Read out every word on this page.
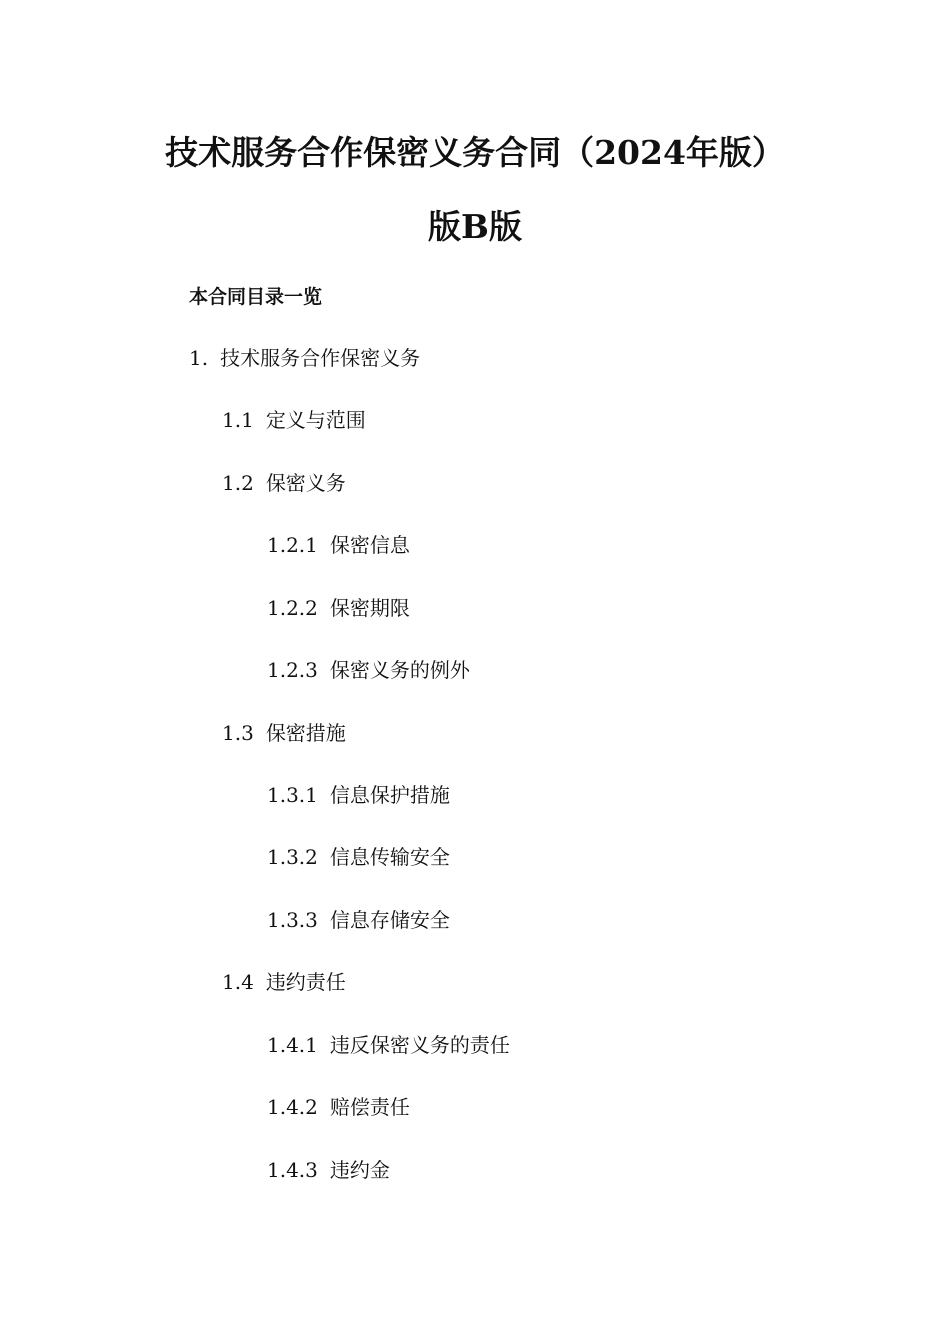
技术服务合作保密义务合同（2024年版）
版B版
本合同目录一览
1. 技术服务合作保密义务
1.1 定义与范围
1.2 保密义务
1.2.1 保密信息
1.2.2 保密期限
1.2.3 保密义务的例外
1.3 保密措施
1.3.1 信息保护措施
1.3.2 信息传输安全
1.3.3 信息存储安全
1.4 违约责任
1.4.1 违反保密义务的责任
1.4.2 赔偿责任
1.4.3 违约金
